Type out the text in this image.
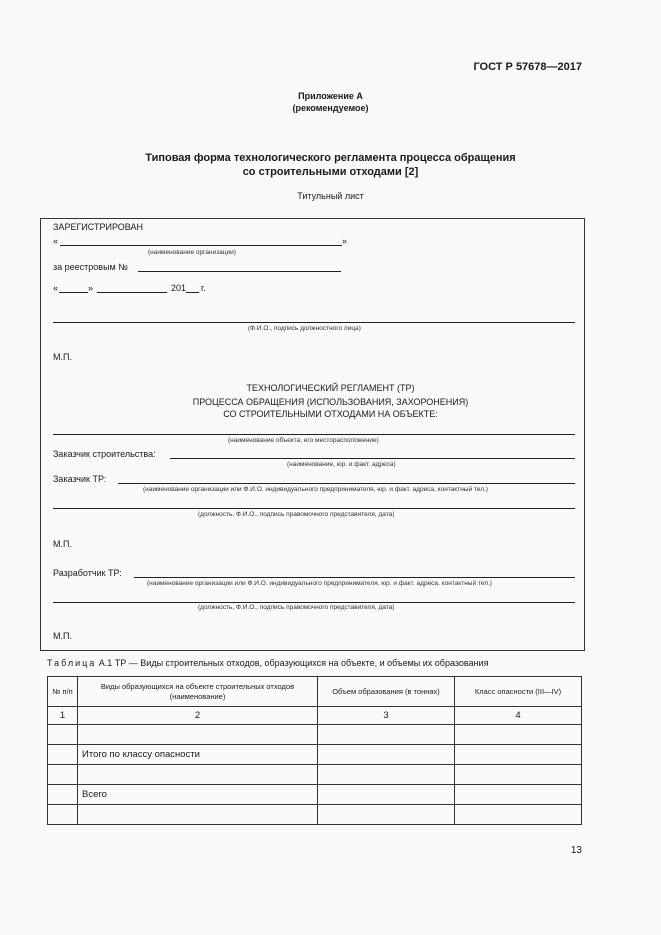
ГОСТ Р 57678—2017
Приложение А
(рекомендуемое)
Типовая форма технологического регламента процесса обращения
со строительными отходами [2]
Титульный лист
ЗАРЕГИСТРИРОВАН
«	»
(наименование организации)
за реестровым №
«	»	201 г.
(Ф.И.О., подпись должностного лица)
М.П.
ТЕХНОЛОГИЧЕСКИЙ РЕГЛАМЕНТ (ТР)
ПРОЦЕССА ОБРАЩЕНИЯ (ИСПОЛЬЗОВАНИЯ, ЗАХОРОНЕНИЯ)
СО СТРОИТЕЛЬНЫМИ ОТХОДАМИ НА ОБЪЕКТЕ:
(наименование объекта, его месторасположение)
Заказчик строительства:
(наименование, юр. и факт. адреса)
Заказчик ТР:
(наименование организации или Ф.И.О. индивидуального предпринимателя, юр. и факт. адреса, контактный тел.)
(должность, Ф.И.О., подпись правомочного представителя, дата)
М.П.
Разработчик ТР:
(наименование организации или Ф.И.О. индивидуального предпринимателя, юр. и факт. адреса, контактный тел.)
(должность, Ф.И.О., подпись правомочного представителя, дата)
М.П.
Таблица А.1 ТР — Виды строительных отходов, образующихся на объекте, и объемы их образования
№ п/п	Виды образующихся на объекте строительных отходов (наименование)	Объем образования (в тоннах)	Класс опасности (III—IV)
1	2	3	4

	Итого по классу опасности		

	Всего		

13
